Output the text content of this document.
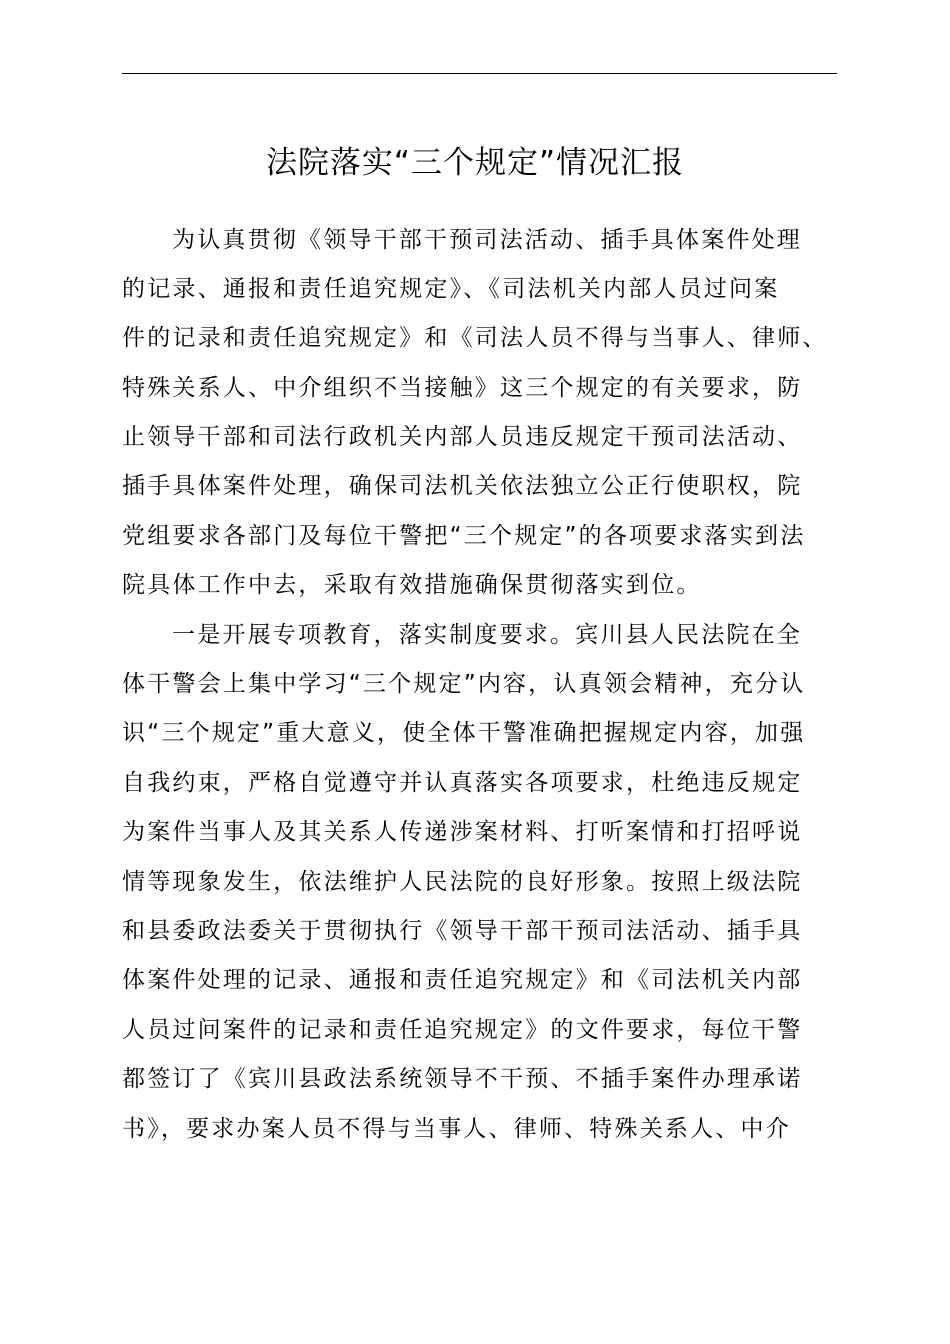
法院落实“三个规定”情况汇报

为认真贯彻《领导干部干预司法活动、插手具体案件处理

的记录、通报和责任追究规定》、《司法机关内部人员过问案

件的记录和责任追究规定》和《司法人员不得与当事人、律师、

特殊关系人、中介组织不当接触》这三个规定的有关要求，防

止领导干部和司法行政机关内部人员违反规定干预司法活动、

插手具体案件处理，确保司法机关依法独立公正行使职权，院

党组要求各部门及每位干警把“三个规定”的各项要求落实到法

院具体工作中去，采取有效措施确保贯彻落实到位。

一是开展专项教育，落实制度要求。宾川县人民法院在全

体干警会上集中学习“三个规定”内容，认真领会精神，充分认

识“三个规定”重大意义，使全体干警准确把握规定内容，加强

自我约束，严格自觉遵守并认真落实各项要求，杜绝违反规定

为案件当事人及其关系人传递涉案材料、打听案情和打招呼说

情等现象发生，依法维护人民法院的良好形象。按照上级法院

和县委政法委关于贯彻执行《领导干部干预司法活动、插手具

体案件处理的记录、通报和责任追究规定》和《司法机关内部

人员过问案件的记录和责任追究规定》的文件要求，每位干警

都签订了《宾川县政法系统领导不干预、不插手案件办理承诺

书》，要求办案人员不得与当事人、律师、特殊关系人、中介
